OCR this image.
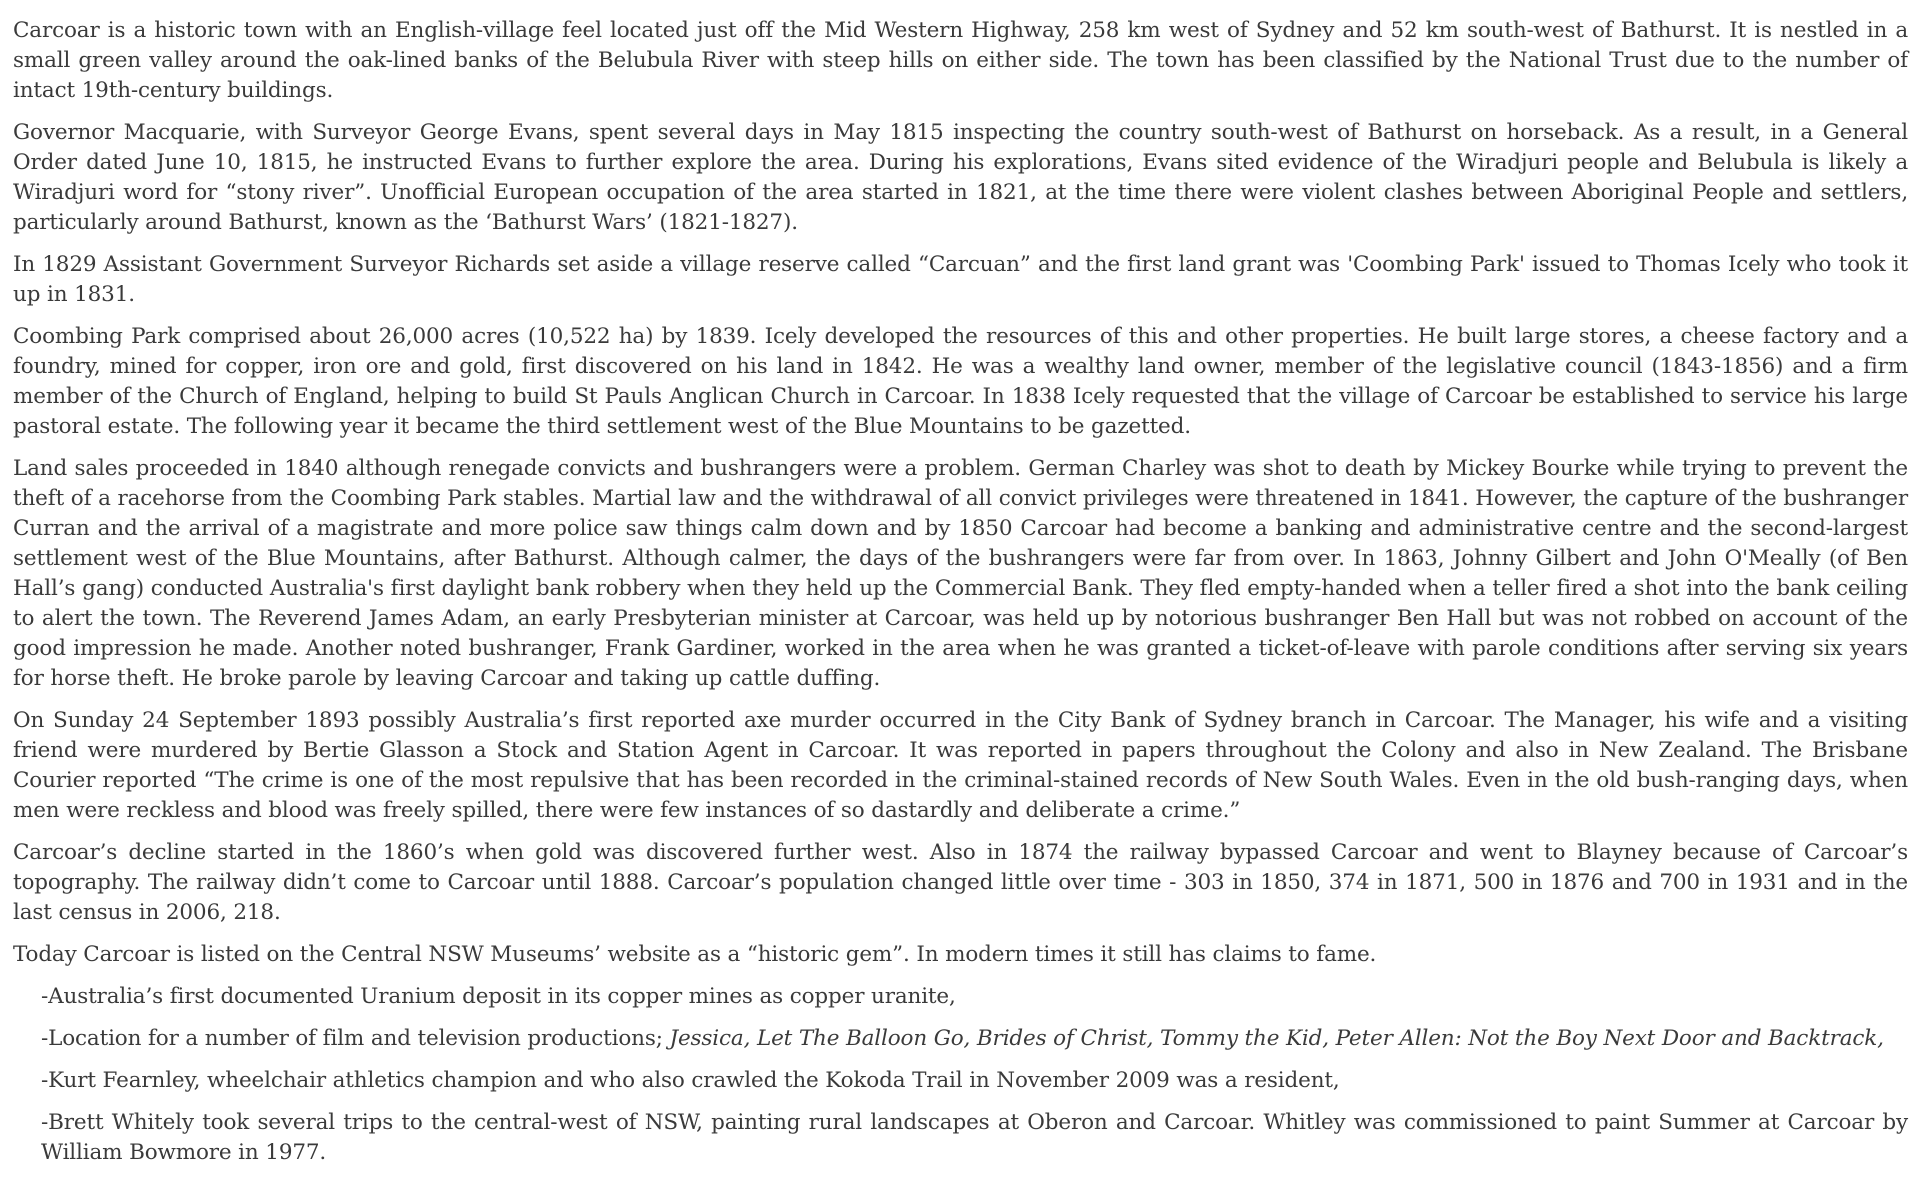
Carcoar is a historic town with an English-village feel located just off the Mid Western Highway, 258 km west of Sydney and 52 km south-west of Bathurst. It is nestled in a small green valley around the oak-lined banks of the Belubula River with steep hills on either side. The town has been classified by the National Trust due to the number of intact 19th-century buildings.

Governor Macquarie, with Surveyor George Evans, spent several days in May 1815 inspecting the country south-west of Bathurst on horseback. As a result, in a General Order dated June 10, 1815, he instructed Evans to further explore the area. During his explorations, Evans sited evidence of the Wiradjuri people and Belubula is likely a Wiradjuri word for “stony river”. Unofficial European occupation of the area started in 1821, at the time there were violent clashes between Aboriginal People and settlers, particularly around Bathurst, known as the ‘Bathurst Wars’ (1821-1827).

In 1829 Assistant Government Surveyor Richards set aside a village reserve called “Carcuan” and the first land grant was 'Coombing Park' issued to Thomas Icely who took it up in 1831.

Coombing Park comprised about 26,000 acres (10,522 ha) by 1839. Icely developed the resources of this and other properties. He built large stores, a cheese factory and a foundry, mined for copper, iron ore and gold, first discovered on his land in 1842. He was a wealthy land owner, member of the legislative council (1843-1856) and a firm member of the Church of England, helping to build St Pauls Anglican Church in Carcoar. In 1838 Icely requested that the village of Carcoar be established to service his large pastoral estate. The following year it became the third settlement west of the Blue Mountains to be gazetted.

Land sales proceeded in 1840 although renegade convicts and bushrangers were a problem. German Charley was shot to death by Mickey Bourke while trying to prevent the theft of a racehorse from the Coombing Park stables. Martial law and the withdrawal of all convict privileges were threatened in 1841. However, the capture of the bushranger Curran and the arrival of a magistrate and more police saw things calm down and by 1850 Carcoar had become a banking and administrative centre and the second-largest settlement west of the Blue Mountains, after Bathurst. Although calmer, the days of the bushrangers were far from over. In 1863, Johnny Gilbert and John O'Meally (of Ben Hall’s gang) conducted Australia's first daylight bank robbery when they held up the Commercial Bank. They fled empty-handed when a teller fired a shot into the bank ceiling to alert the town. The Reverend James Adam, an early Presbyterian minister at Carcoar, was held up by notorious bushranger Ben Hall but was not robbed on account of the good impression he made. Another noted bushranger, Frank Gardiner, worked in the area when he was granted a ticket-of-leave with parole conditions after serving six years for horse theft. He broke parole by leaving Carcoar and taking up cattle duffing.

On Sunday 24 September 1893 possibly Australia’s first reported axe murder occurred in the City Bank of Sydney branch in Carcoar. The Manager, his wife and a visiting friend were murdered by Bertie Glasson a Stock and Station Agent in Carcoar. It was reported in papers throughout the Colony and also in New Zealand. The Brisbane Courier reported “The crime is one of the most repulsive that has been recorded in the criminal-stained records of New South Wales. Even in the old bush-ranging days, when men were reckless and blood was freely spilled, there were few instances of so dastardly and deliberate a crime.”

Carcoar’s decline started in the 1860’s when gold was discovered further west. Also in 1874 the railway bypassed Carcoar and went to Blayney because of Carcoar’s topography. The railway didn’t come to Carcoar until 1888. Carcoar’s population changed little over time - 303 in 1850, 374 in 1871, 500 in 1876 and 700 in 1931 and in the last census in 2006, 218.

Today Carcoar is listed on the Central NSW Museums’ website as a “historic gem”. In modern times it still has claims to fame.

-Australia’s first documented Uranium deposit in its copper mines as copper uranite,

-Location for a number of film and television productions; Jessica, Let The Balloon Go, Brides of Christ, Tommy the Kid, Peter Allen: Not the Boy Next Door and Backtrack,

-Kurt Fearnley, wheelchair athletics champion and who also crawled the Kokoda Trail in November 2009 was a resident,

-Brett Whitely took several trips to the central-west of NSW, painting rural landscapes at Oberon and Carcoar. Whitley was commissioned to paint Summer at Carcoar by William Bowmore in 1977.
